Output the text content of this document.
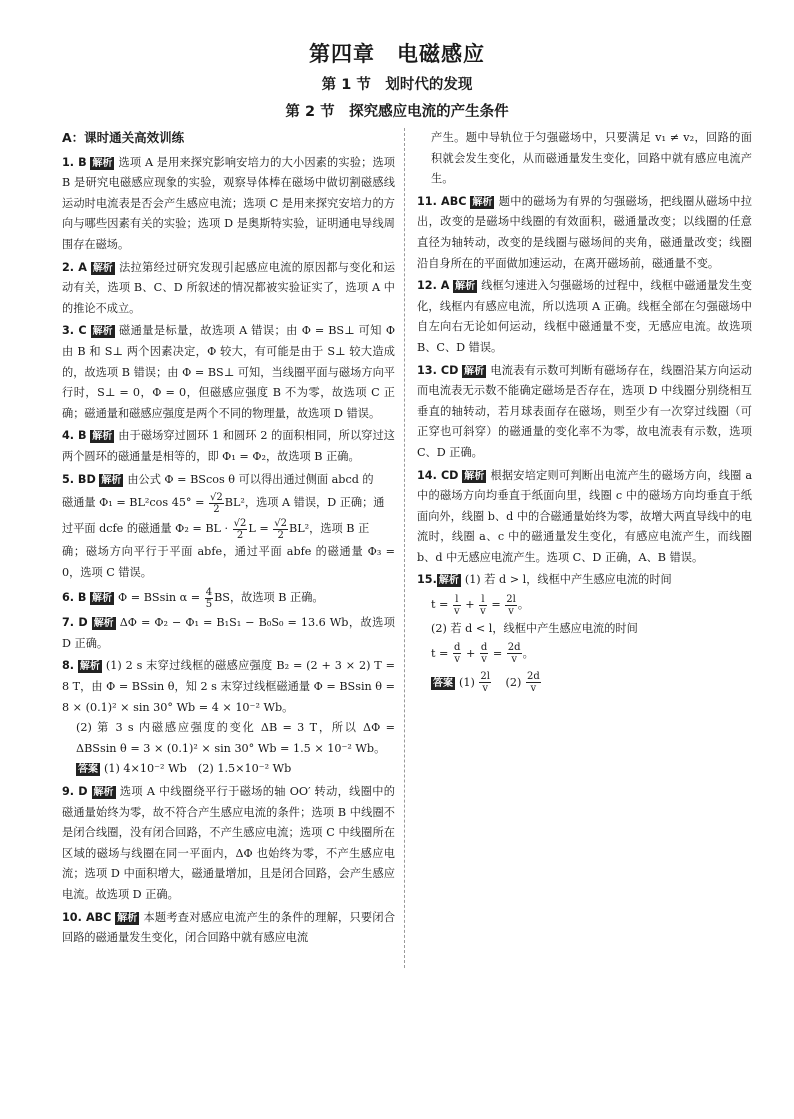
第四章　电磁感应
第 1 节　划时代的发现
第 2 节　探究感应电流的产生条件
A：课时通关高效训练
1. B 解析 选项 A 是用来探究影响安培力的大小因素的实验；选项 B 是研究电磁感应现象的实验，观察导体棒在磁场中做切割磁感线运动时电流表是否会产生感应电流；选项 C 是用来探究安培力的方向与哪些因素有关的实验；选项 D 是奥斯特实验，证明通电导线周围存在磁场。
2. A 解析 法拉第经过研究发现引起感应电流的原因都与变化和运动有关，选项 B、C、D 所叙述的情况都被实验证实了，选项 A 中的推论不成立。
3. C 解析 磁通量是标量，故选项 A 错误；由 Φ = BS⊥ 可知 Φ 由 B 和 S⊥ 两个因素决定，Φ 较大，有可能是由于 S⊥ 较大造成的，故选项 B 错误；由 Φ = BS⊥ 可知，当线圈平面与磁场方向平行时，S⊥ = 0，Φ = 0，但磁感应强度 B 不为零，故选项 C 正确；磁通量和磁感应强度是两个不同的物理量，故选项 D 错误。
4. B 解析 由于磁场穿过圆环 1 和圆环 2 的面积相同，所以穿过这两个圆环的磁通量是相等的，即 Φ₁ = Φ₂，故选项 B 正确。
5. BD 解析 由公式 Φ = BScos θ 可以得出通过侧面 abcd 的
磁通量 Φ₁ = BL²cos $45^\circ = \frac{√2}{2} BL^2$，选项 A 错误，D 正确；通
过平面 dcfe 的磁通量 Φ₂ = BL · $\frac{√2}{2}$ $L = \frac{√2}{2} BL^2$，选项 B 正
确；磁场方向平行于平面 abfe，通过平面 abfe 的磁通量 Φ₃ = 0，选项 C 错误。
6. B 解析 Φ = BSsin $\alpha = \frac{4}{5}$ BS，故选项 B 正确。
7. D 解析 ΔΦ = Φ₂ − Φ₁ = B₁S₁ − B₀S₀ = 13.6 Wb，故选项 D 正确。
8. 解析 (1) 2 s 末穿过线框的磁感应强度 B₂ = (2 + 3 × 2) T = 8 T，由 Φ = BSsin θ，知 2 s 末穿过线框磁通量 Φ = BSsin θ = 8 × (0.1)² × sin 30° Wb = 4 × 10⁻² Wb。
(2) 第 3 s 内磁感应强度的变化 ΔB = 3 T，所以 ΔΦ = ΔBSsin θ = 3 × (0.1)² × sin 30° Wb = 1.5 × 10⁻² Wb。
答案 (1) 4×10⁻² Wb　(2) 1.5×10⁻² Wb
9. D 解析 选项 A 中线圈绕平行于磁场的轴 OO′ 转动，线圈中的磁通量始终为零，故不符合产生感应电流的条件；选项 B 中线圈不是闭合线圈，没有闭合回路，不产生感应电流；选项 C 中线圈所在区域的磁场与线圈在同一平面内，ΔΦ 也始终为零，不产生感应电流；选项 D 中面积增大，磁通量增加，且是闭合回路，会产生感应电流。故选项 D 正确。
10. ABC 解析 本题考查对感应电流产生的条件的理解，只要闭合回路的磁通量发生变化，闭合回路中就有感应电流
产生。题中导轨位于匀强磁场中，只要满足 v₁ ≠ v₂，回路的面积就会发生变化，从而磁通量发生变化，回路中就有感应电流产生。
11. ABC 解析 题中的磁场为有界的匀强磁场，把线圈从磁场中拉出，改变的是磁场中线圈的有效面积，磁通量改变；以线圈的任意直径为轴转动，改变的是线圈与磁场间的夹角，磁通量改变；线圈沿自身所在的平面做加速运动，在离开磁场前，磁通量不变。
12. A 解析 线框匀速进入匀强磁场的过程中，线框中磁通量发生变化，线框内有感应电流，所以选项 A 正确。线框全部在匀强磁场中自左向右无论如何运动，线框中磁通量不变，无感应电流。故选项 B、C、D 错误。
13. CD 解析 电流表有示数可判断有磁场存在，线圈沿某方向运动而电流表无示数不能确定磁场是否存在，选项 D 中线圈分别绕相互垂直的轴转动，若月球表面存在磁场，则至少有一次穿过线圈（可正穿也可斜穿）的磁通量的变化率不为零，故电流表有示数，选项 C、D 正确。
14. CD 解析 根据安培定则可判断出电流产生的磁场方向，线圈 a 中的磁场方向均垂直于纸面向里，线圈 c 中的磁场方向均垂直于纸面向外，线圈 b、d 中的合磁通量始终为零，故增大两直导线中的电流时，线圈 a、c 中的磁通量发生变化，有感应电流产生，而线圈 b、d 中无感应电流产生。选项 C、D 正确，A、B 错误。
15. 解析 (1) 若 d > l，线框中产生感应电流的时间
$t = \frac{l}{v} + \frac{l}{v} = \frac{2l}{v}$ 。
(2) 若 d < l，线框中产生感应电流的时间
$t = \frac{d}{v} + \frac{d}{v} = \frac{2d}{v}$ 。
答案 $(1) \frac{2l}{v} (2) \frac{2d}{v}$
